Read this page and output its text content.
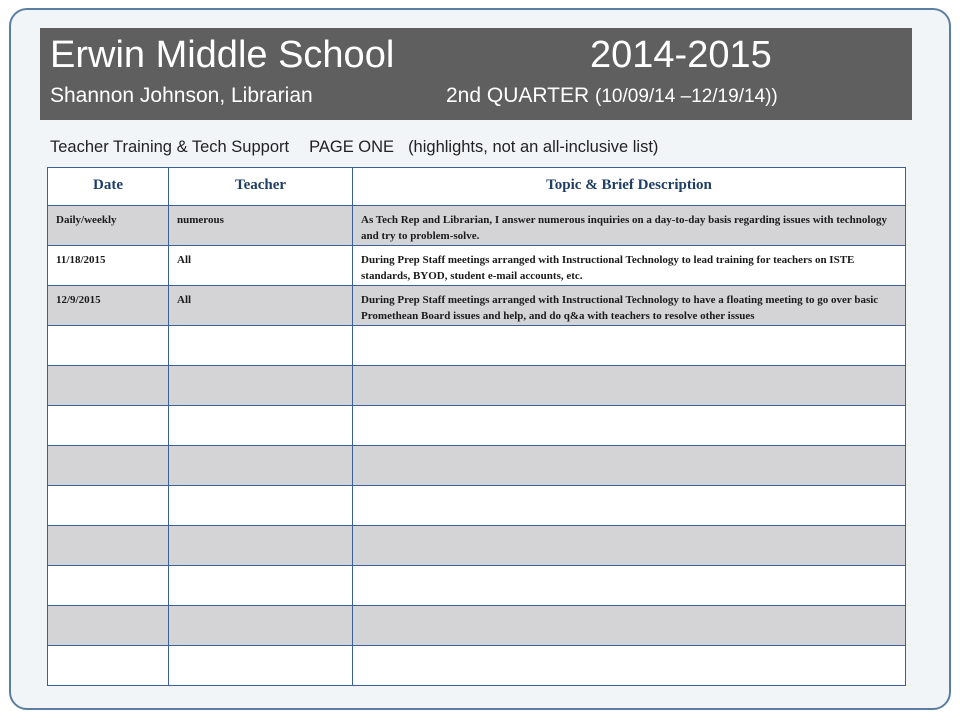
Erwin Middle School	2014-2015
Shannon Johnson, Librarian	2nd QUARTER (10/09/14 –12/19/14))
Teacher Training & Tech Support PAGE ONE (highlights, not an all-inclusive list)
Date	Teacher	Topic & Brief Description
Daily/weekly	numerous	As Tech Rep and Librarian, I answer numerous inquiries on a day-to-day basis regarding issues with technology and try to problem-solve.
11/18/2015	All	During Prep Staff meetings arranged with Instructional Technology to lead training for teachers on ISTE standards, BYOD, student e-mail accounts, etc.
12/9/2015	All	During Prep Staff meetings arranged with Instructional Technology to have a floating meeting to go over basic Promethean Board issues and help, and do q&a with teachers to resolve other issues
